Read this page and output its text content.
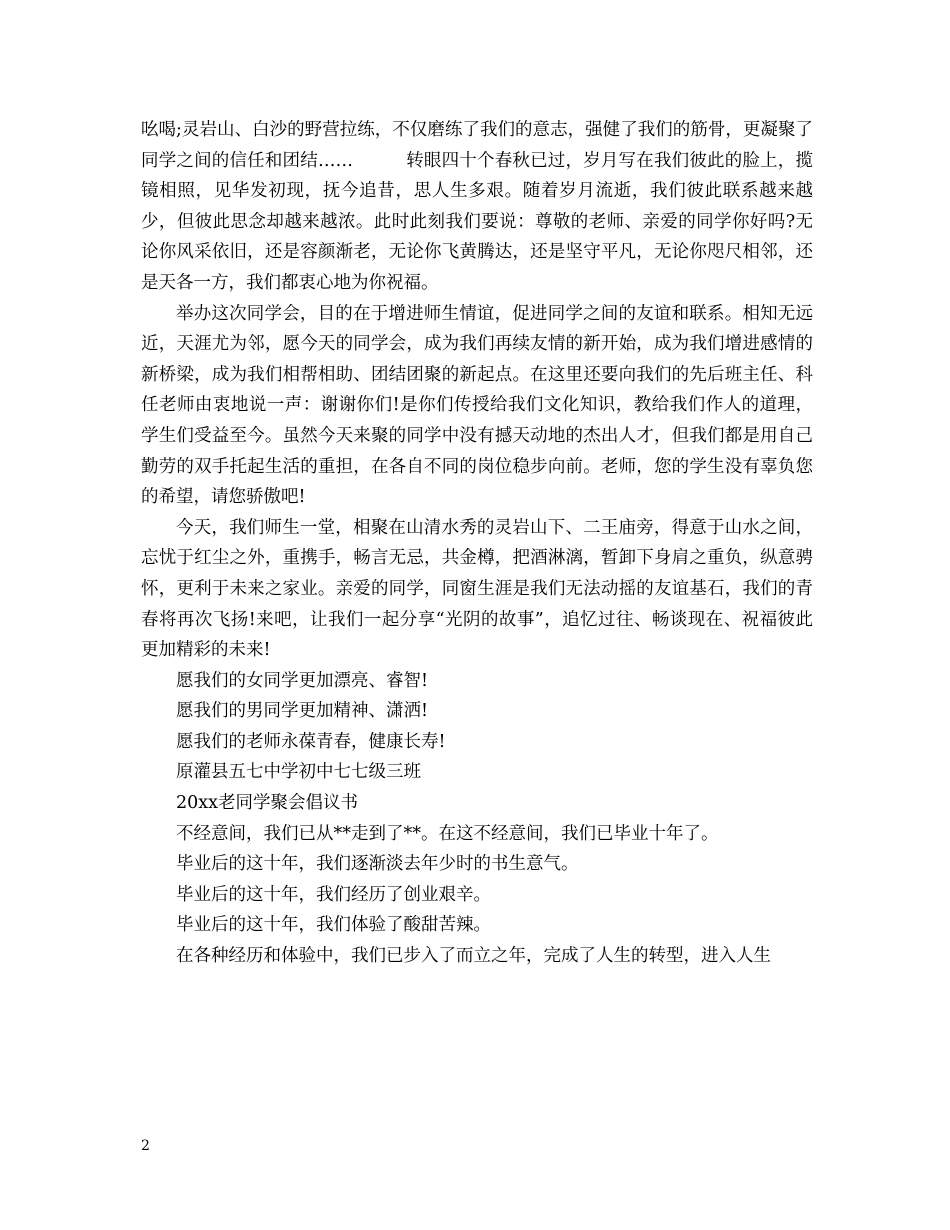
吆喝;灵岩山、白沙的野营拉练，不仅磨练了我们的意志，强健了我们的筋骨，更凝聚了同学之间的信任和团结……　　　转眼四十个春秋已过，岁月写在我们彼此的脸上，揽镜相照，见华发初现，抚今追昔，思人生多艰。随着岁月流逝，我们彼此联系越来越少，但彼此思念却越来越浓。此时此刻我们要说：尊敬的老师、亲爱的同学你好吗?无论你风采依旧，还是容颜渐老，无论你飞黄腾达，还是坚守平凡，无论你咫尺相邻，还是天各一方，我们都衷心地为你祝福。

举办这次同学会，目的在于增进师生情谊，促进同学之间的友谊和联系。相知无远近，天涯尤为邻，愿今天的同学会，成为我们再续友情的新开始，成为我们增进感情的新桥梁，成为我们相帮相助、团结团聚的新起点。在这里还要向我们的先后班主任、科任老师由衷地说一声：谢谢你们!是你们传授给我们文化知识，教给我们作人的道理，学生们受益至今。虽然今天来聚的同学中没有撼天动地的杰出人才，但我们都是用自己勤劳的双手托起生活的重担，在各自不同的岗位稳步向前。老师，您的学生没有辜负您的希望，请您骄傲吧!

今天，我们师生一堂，相聚在山清水秀的灵岩山下、二王庙旁，得意于山水之间，忘忧于红尘之外，重携手，畅言无忌，共金樽，把酒淋漓，暂卸下身肩之重负，纵意骋怀，更利于未来之家业。亲爱的同学，同窗生涯是我们无法动摇的友谊基石，我们的青春将再次飞扬!来吧，让我们一起分享“光阴的故事”，追忆过往、畅谈现在、祝福彼此更加精彩的未来!

愿我们的女同学更加漂亮、睿智!

愿我们的男同学更加精神、潇洒!

愿我们的老师永葆青春，健康长寿!

原灌县五七中学初中七七级三班

20xx老同学聚会倡议书

不经意间，我们已从**走到了**。在这不经意间，我们已毕业十年了。

毕业后的这十年，我们逐渐淡去年少时的书生意气。

毕业后的这十年，我们经历了创业艰辛。

毕业后的这十年，我们体验了酸甜苦辣。

在各种经历和体验中，我们已步入了而立之年，完成了人生的转型，进入人生

2
